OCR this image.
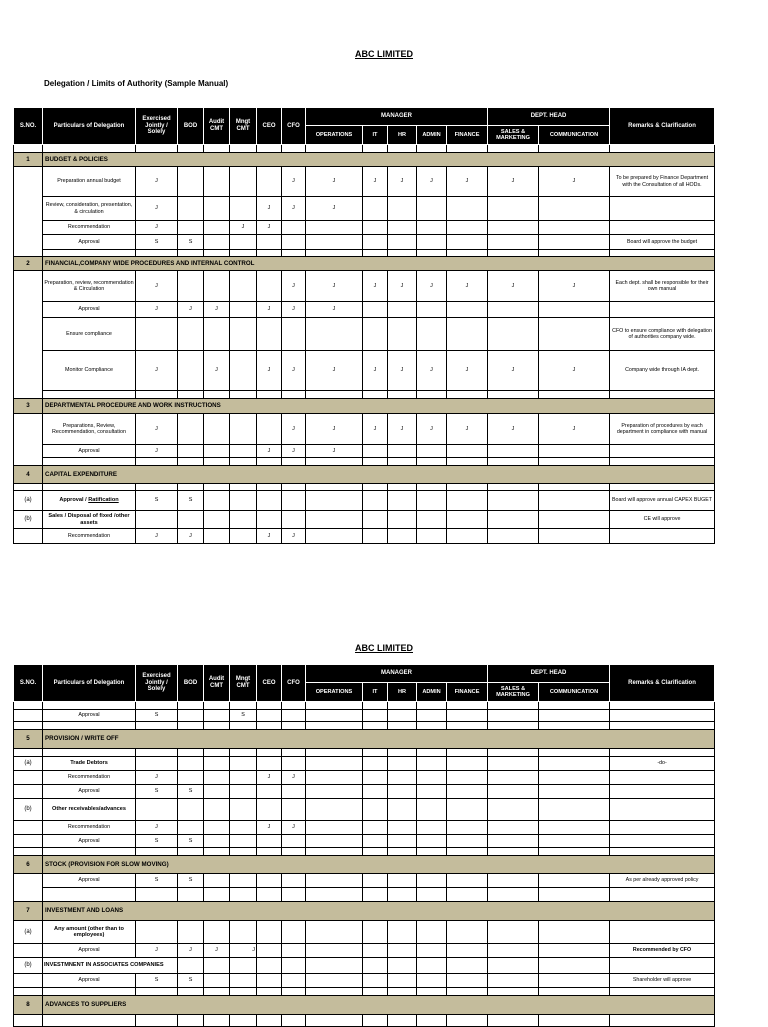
ABC LIMITED
Delegation / Limits of Authority (Sample Manual)
S.NO.	Particulars of Delegation	Exercised Jointly / Solely	BOD	Audit CMT	Mngt CMT	CEO	CFO	MANAGER					DEPT. HEAD		Remarks & Clarification
								OPERATIONS	IT	HR	ADMIN	FINANCE	SALES & MARKETING	COMMUNICATION	

1	BUDGET & POLICIES														
	Preparation annual budget	J					J	J	J	J	J	J	J	J	To be prepared by Finance Department with the Consultation of all HODs.
	Review, consideration, presentation, & circulation	J				J	J	J							
	Recommendation	J			J	J									
	Approval	S	S												Board will approve the budget

2	FINANCIAL,COMPANY WIDE PROCEDURES AND INTERNAL CONTROL														
	Preparation, review, recommendation & Circulation	J					J	J	J	J	J	J	J	J	Each dept. shall be responsible for their own manual
	Approval	J	J	J		J	J	J							
	Ensure compliance														CFO to ensure compliance with delegation of authorities company wide.
	Monitor Compliance	J		J		J	J	J	J	J	J	J	J	J	Company wide through IA dept.

3	DEPARTMENTAL PROCEDURE AND WORK INSTRUCTIONS														
	Preparations, Review, Recommendation, consultation	J					J	J	J	J	J	J	J	J	Preparation of procedures by each department in compliance with manual
	Approval	J				J	J	J							

4	CAPITAL EXPENDITURE														

(a)	Approval / Ratification	S	S												Board will approve annual CAPEX BUGET
(b)	Sales / Disposal of fixed /other assets														CE will approve
	Recommendation	J	J			J	J								
ABC LIMITED
S.NO.	Particulars of Delegation	Exercised Jointly / Solely	BOD	Audit CMT	Mngt CMT	CEO	CFO	MANAGER					DEPT. HEAD		Remarks & Clarification
								OPERATIONS	IT	HR	ADMIN	FINANCE	SALES & MARKETING	COMMUNICATION	

	Approval	S			S										

5	PROVISION / WRITE OFF														

(a)	Trade Debtors														-do-
	Recommendation	J				J	J								
	Approval	S	S												
(b)	Other receivables/advances														
	Recommendation	J				J	J								
	Approval	S	S												

6	STOCK (PROVISION FOR SLOW MOVING)														
	Approval	S	S												As per already approved policy

7	INVESTMENT AND LOANS														
(a)	Any amount (other than to employees)														
	Approval	J	J	J	J										Recommended by CFO
(b)	INVESTMNENT IN ASSOCIATES COMPANIES														
	Approval	S	S												Shareholder will approve

8	ADVANCES TO SUPPLIERS														
